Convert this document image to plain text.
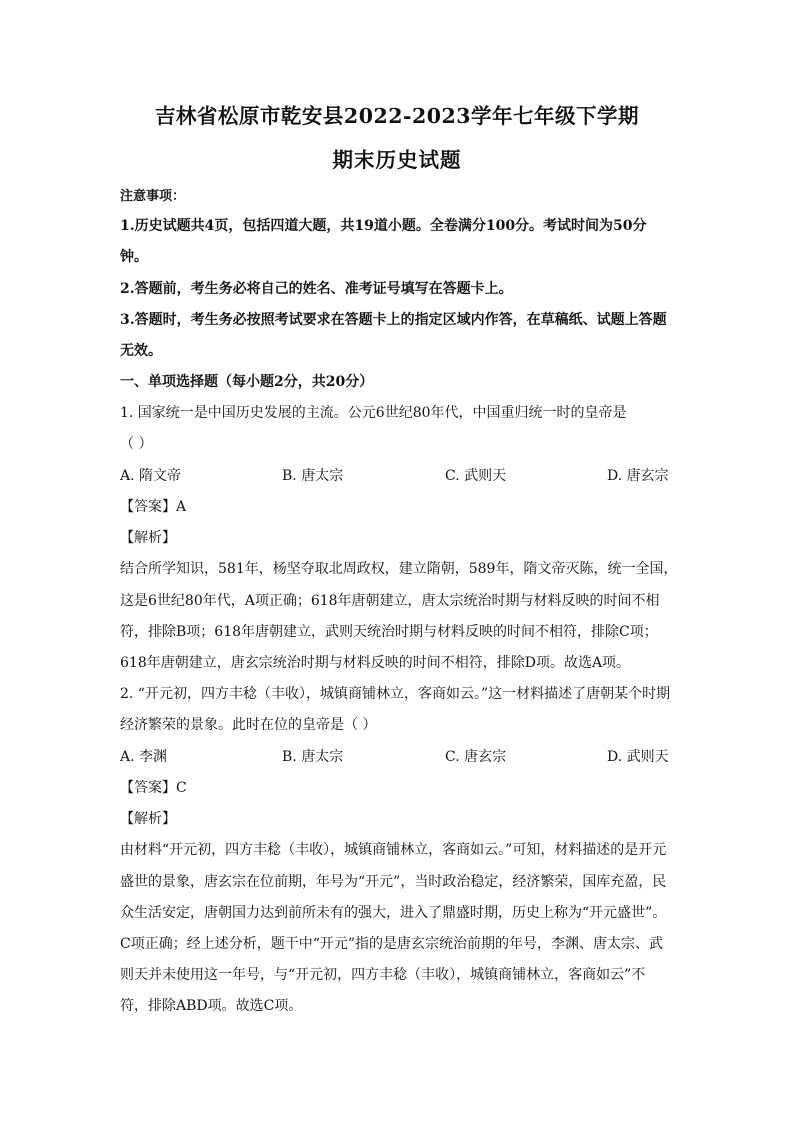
吉林省松原市乾安县2022-2023学年七年级下学期
期末历史试题
注意事项：
1.历史试题共4页，包括四道大题，共19道小题。全卷满分100分。考试时间为50分
钟。
2.答题前，考生务必将自己的姓名、准考证号填写在答题卡上。
3.答题时，考生务必按照考试要求在答题卡上的指定区域内作答，在草稿纸、试题上答题
无效。
一、单项选择题（每小题2分，共20分）
1. 国家统一是中国历史发展的主流。公元6世纪80年代，中国重归统一时的皇帝是
（ ）
A. 隋文帝	B. 唐太宗	C. 武则天	D. 唐玄宗
【答案】A
【解析】
结合所学知识，581年，杨坚夺取北周政权，建立隋朝，589年，隋文帝灭陈，统一全国，
这是6世纪80年代，A项正确；618年唐朝建立，唐太宗统治时期与材料反映的时间不相
符，排除B项；618年唐朝建立，武则天统治时期与材料反映的时间不相符，排除C项；
618年唐朝建立，唐玄宗统治时期与材料反映的时间不相符，排除D项。故选A项。
2. “开元初，四方丰稔（丰收），城镇商铺林立，客商如云。”这一材料描述了唐朝某个时期
经济繁荣的景象。此时在位的皇帝是（ ）
A. 李渊	B. 唐太宗	C. 唐玄宗	D. 武则天
【答案】C
【解析】
由材料“开元初，四方丰稔（丰收），城镇商铺林立，客商如云。”可知，材料描述的是开元
盛世的景象，唐玄宗在位前期，年号为“开元”，当时政治稳定，经济繁荣，国库充盈，民
众生活安定，唐朝国力达到前所未有的强大，进入了鼎盛时期，历史上称为“开元盛世”。
C项正确；经上述分析，题干中“开元”指的是唐玄宗统治前期的年号，李渊、唐太宗、武
则天并未使用这一年号，与“开元初，四方丰稔（丰收），城镇商铺林立，客商如云”不
符，排除ABD项。故选C项。
